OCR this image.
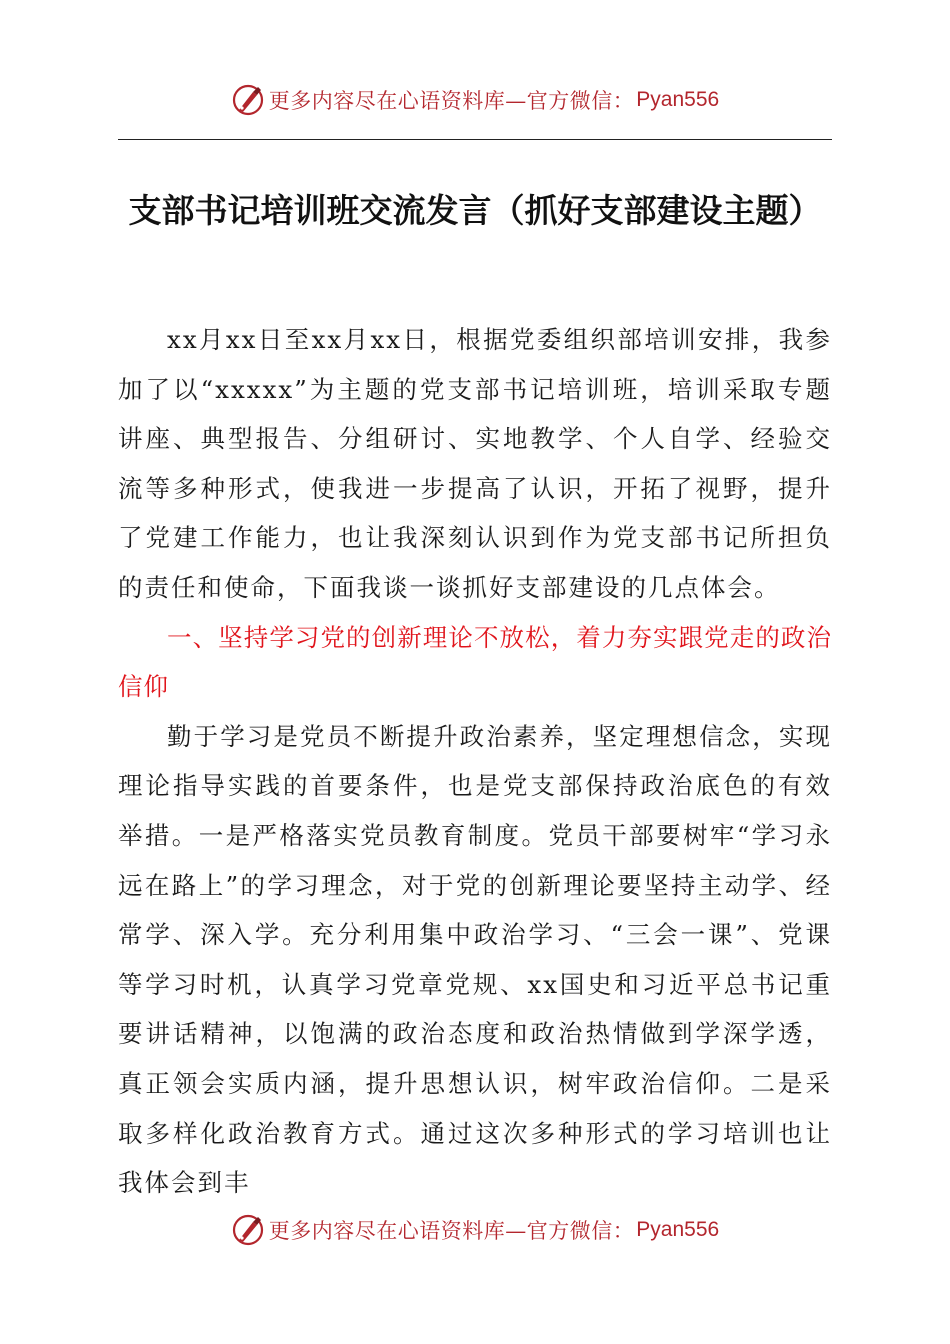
更多内容尽在心语资料库—官方微信： Pyan556
支部书记培训班交流发言（抓好支部建设主题）

xx月xx日至xx月xx日，根据党委组织部培训安排，我参加了以“xxxxx”为主题的党支部书记培训班，培训采取专题讲座、典型报告、分组研讨、实地教学、个人自学、经验交流等多种形式，使我进一步提高了认识，开拓了视野，提升了党建工作能力，也让我深刻认识到作为党支部书记所担负的责任和使命，下面我谈一谈抓好支部建设的几点体会。

一、坚持学习党的创新理论不放松，着力夯实跟党走的政治信仰

勤于学习是党员不断提升政治素养，坚定理想信念，实现理论指导实践的首要条件，也是党支部保持政治底色的有效举措。一是严格落实党员教育制度。党员干部要树牢“学习永远在路上”的学习理念，对于党的创新理论要坚持主动学、经常学、深入学。充分利用集中政治学习、“三会一课”、党课等学习时机，认真学习党章党规、xx国史和习近平总书记重要讲话精神，以饱满的政治态度和政治热情做到学深学透，真正领会实质内涵，提升思想认识，树牢政治信仰。二是采取多样化政治教育方式。通过这次多种形式的学习培训也让我体会到丰

更多内容尽在心语资料库—官方微信： Pyan556
